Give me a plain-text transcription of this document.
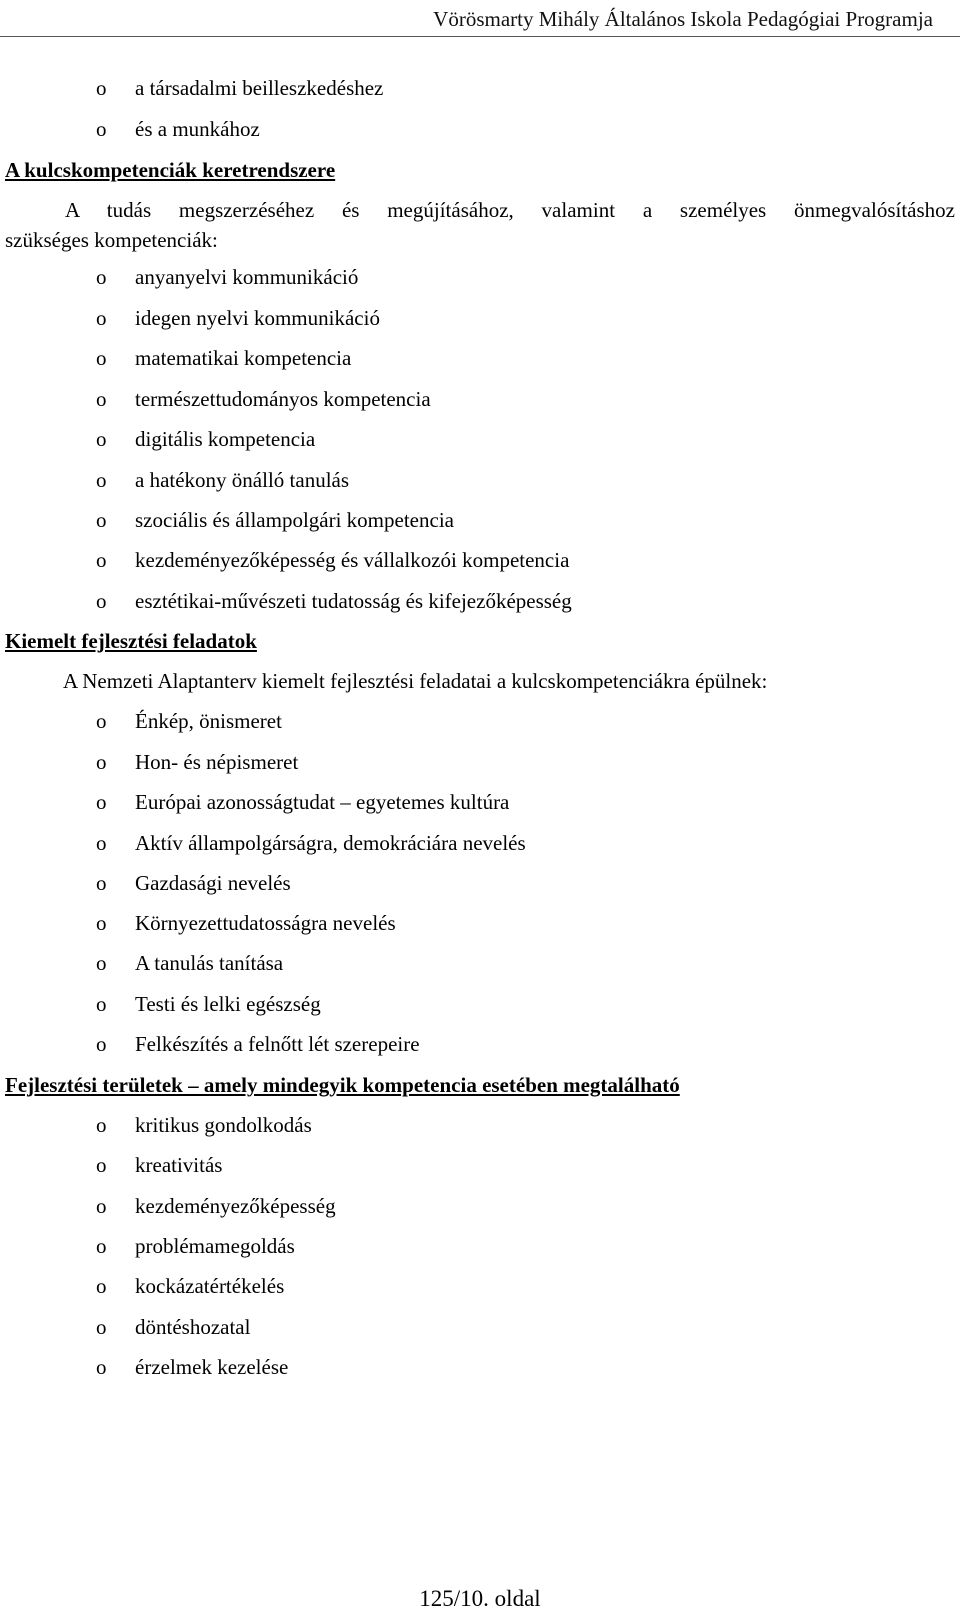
Vörösmarty Mihály Általános Iskola Pedagógiai Programja
o a társadalmi beilleszkedéshez
o és a munkához
A kulcskompetenciák keretrendszere

A tudás megszerzéséhez és megújításához, valamint a személyes önmegvalósításhoz

szükséges kompetenciák:

o anyanyelvi kommunikáció
o idegen nyelvi kommunikáció
o matematikai kompetencia
o természettudományos kompetencia
o digitális kompetencia
o a hatékony önálló tanulás
o szociális és állampolgári kompetencia
o kezdeményezőképesség és vállalkozói kompetencia
o esztétikai-művészeti tudatosság és kifejezőképesség
Kiemelt fejlesztési feladatok
A Nemzeti Alaptanterv kiemelt fejlesztési feladatai a kulcskompetenciákra épülnek:
o Énkép, önismeret
o Hon- és népismeret
o Európai azonosságtudat – egyetemes kultúra
o Aktív állampolgárságra, demokráciára nevelés
o Gazdasági nevelés
o Környezettudatosságra nevelés
o A tanulás tanítása
o Testi és lelki egészség
o Felkészítés a felnőtt lét szerepeire
Fejlesztési területek – amely mindegyik kompetencia esetében megtalálható
o kritikus gondolkodás
o kreativitás
o kezdeményezőképesség
o problémamegoldás
o kockázatértékelés
o döntéshozatal
o érzelmek kezelése
125/10. oldal
